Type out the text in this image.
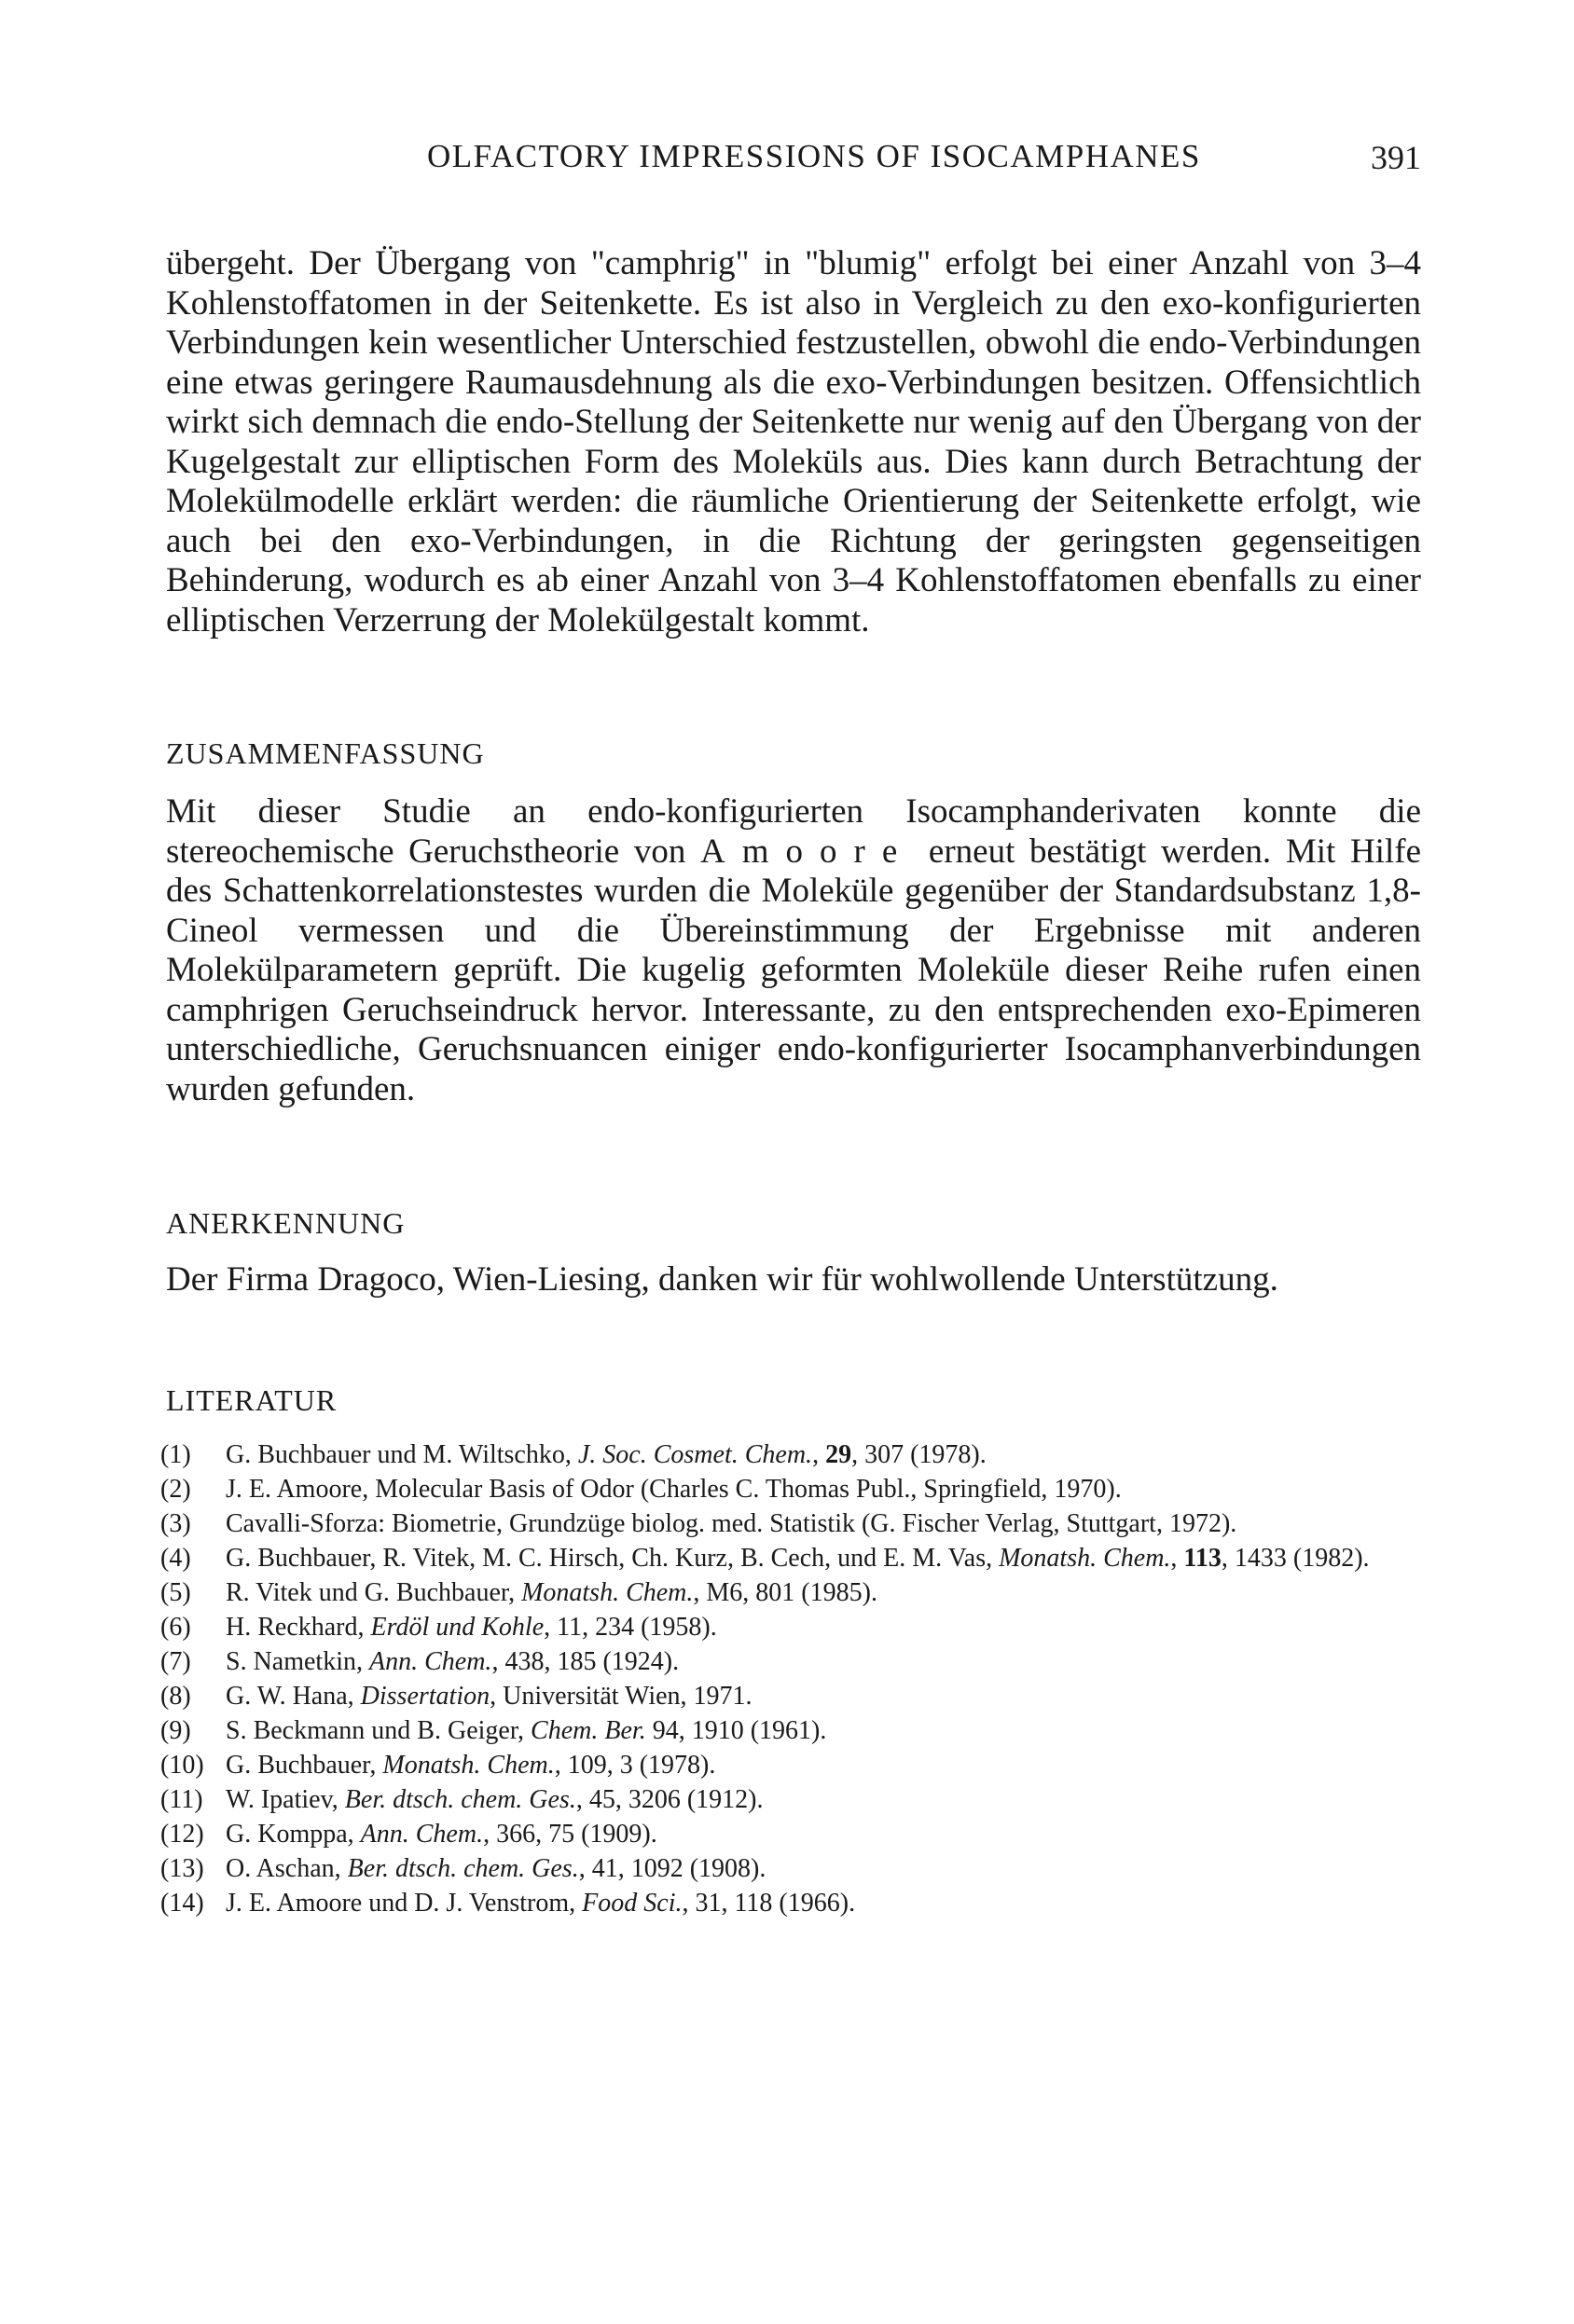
OLFACTORY IMPRESSIONS OF ISOCAMPHANES	391

übergeht. Der Übergang von "camphrig" in "blumig" erfolgt bei einer Anzahl von 3–4 Kohlenstoffatomen in der Seitenkette. Es ist also in Vergleich zu den exo-konfigurierten Verbindungen kein wesentlicher Unterschied festzustellen, obwohl die endo-Verbindungen eine etwas geringere Raumausdehnung als die exo-Verbindungen besitzen. Offensichtlich wirkt sich demnach die endo-Stellung der Seitenkette nur wenig auf den Übergang von der Kugelgestalt zur elliptischen Form des Moleküls aus. Dies kann durch Betrachtung der Molekülmodelle erklärt werden: die räumliche Orientierung der Seitenkette erfolgt, wie auch bei den exo-Verbindungen, in die Richtung der geringsten gegenseitigen Behinderung, wodurch es ab einer Anzahl von 3–4 Kohlenstoffatomen ebenfalls zu einer elliptischen Verzerrung der Molekülgestalt kommt.

ZUSAMMENFASSUNG

Mit dieser Studie an endo-konfigurierten Isocamphanderivaten konnte die stereochemische Geruchstheorie von Amoore erneut bestätigt werden. Mit Hilfe des Schattenkorrelationstestes wurden die Moleküle gegenüber der Standardsubstanz 1,8-Cineol vermessen und die Übereinstimmung der Ergebnisse mit anderen Molekülparametern geprüft. Die kugelig geformten Moleküle dieser Reihe rufen einen camphrigen Geruchseindruck hervor. Interessante, zu den entsprechenden exo-Epimeren unterschiedliche, Geruchsnuancen einiger endo-konfigurierter Isocamphanverbindungen wurden gefunden.

ANERKENNUNG

Der Firma Dragoco, Wien-Liesing, danken wir für wohlwollende Unterstützung.

LITERATUR
(1) G. Buchbauer und M. Wiltschko, J. Soc. Cosmet. Chem., 29, 307 (1978).
(2) J. E. Amoore, Molecular Basis of Odor (Charles C. Thomas Publ., Springfield, 1970).
(3) Cavalli-Sforza: Biometrie, Grundzüge biolog. med. Statistik (G. Fischer Verlag, Stuttgart, 1972).
(4) G. Buchbauer, R. Vitek, M. C. Hirsch, Ch. Kurz, B. Cech, und E. M. Vas, Monatsh. Chem., 113, 1433 (1982).
(5) R. Vitek und G. Buchbauer, Monatsh. Chem., M6, 801 (1985).
(6) H. Reckhard, Erdöl und Kohle, 11, 234 (1958).
(7) S. Nametkin, Ann. Chem., 438, 185 (1924).
(8) G. W. Hana, Dissertation, Universität Wien, 1971.
(9) S. Beckmann und B. Geiger, Chem. Ber. 94, 1910 (1961).
(10) G. Buchbauer, Monatsh. Chem., 109, 3 (1978).
(11) W. Ipatiev, Ber. dtsch. chem. Ges., 45, 3206 (1912).
(12) G. Komppa, Ann. Chem., 366, 75 (1909).
(13) O. Aschan, Ber. dtsch. chem. Ges., 41, 1092 (1908).
(14) J. E. Amoore und D. J. Venstrom, Food Sci., 31, 118 (1966).
